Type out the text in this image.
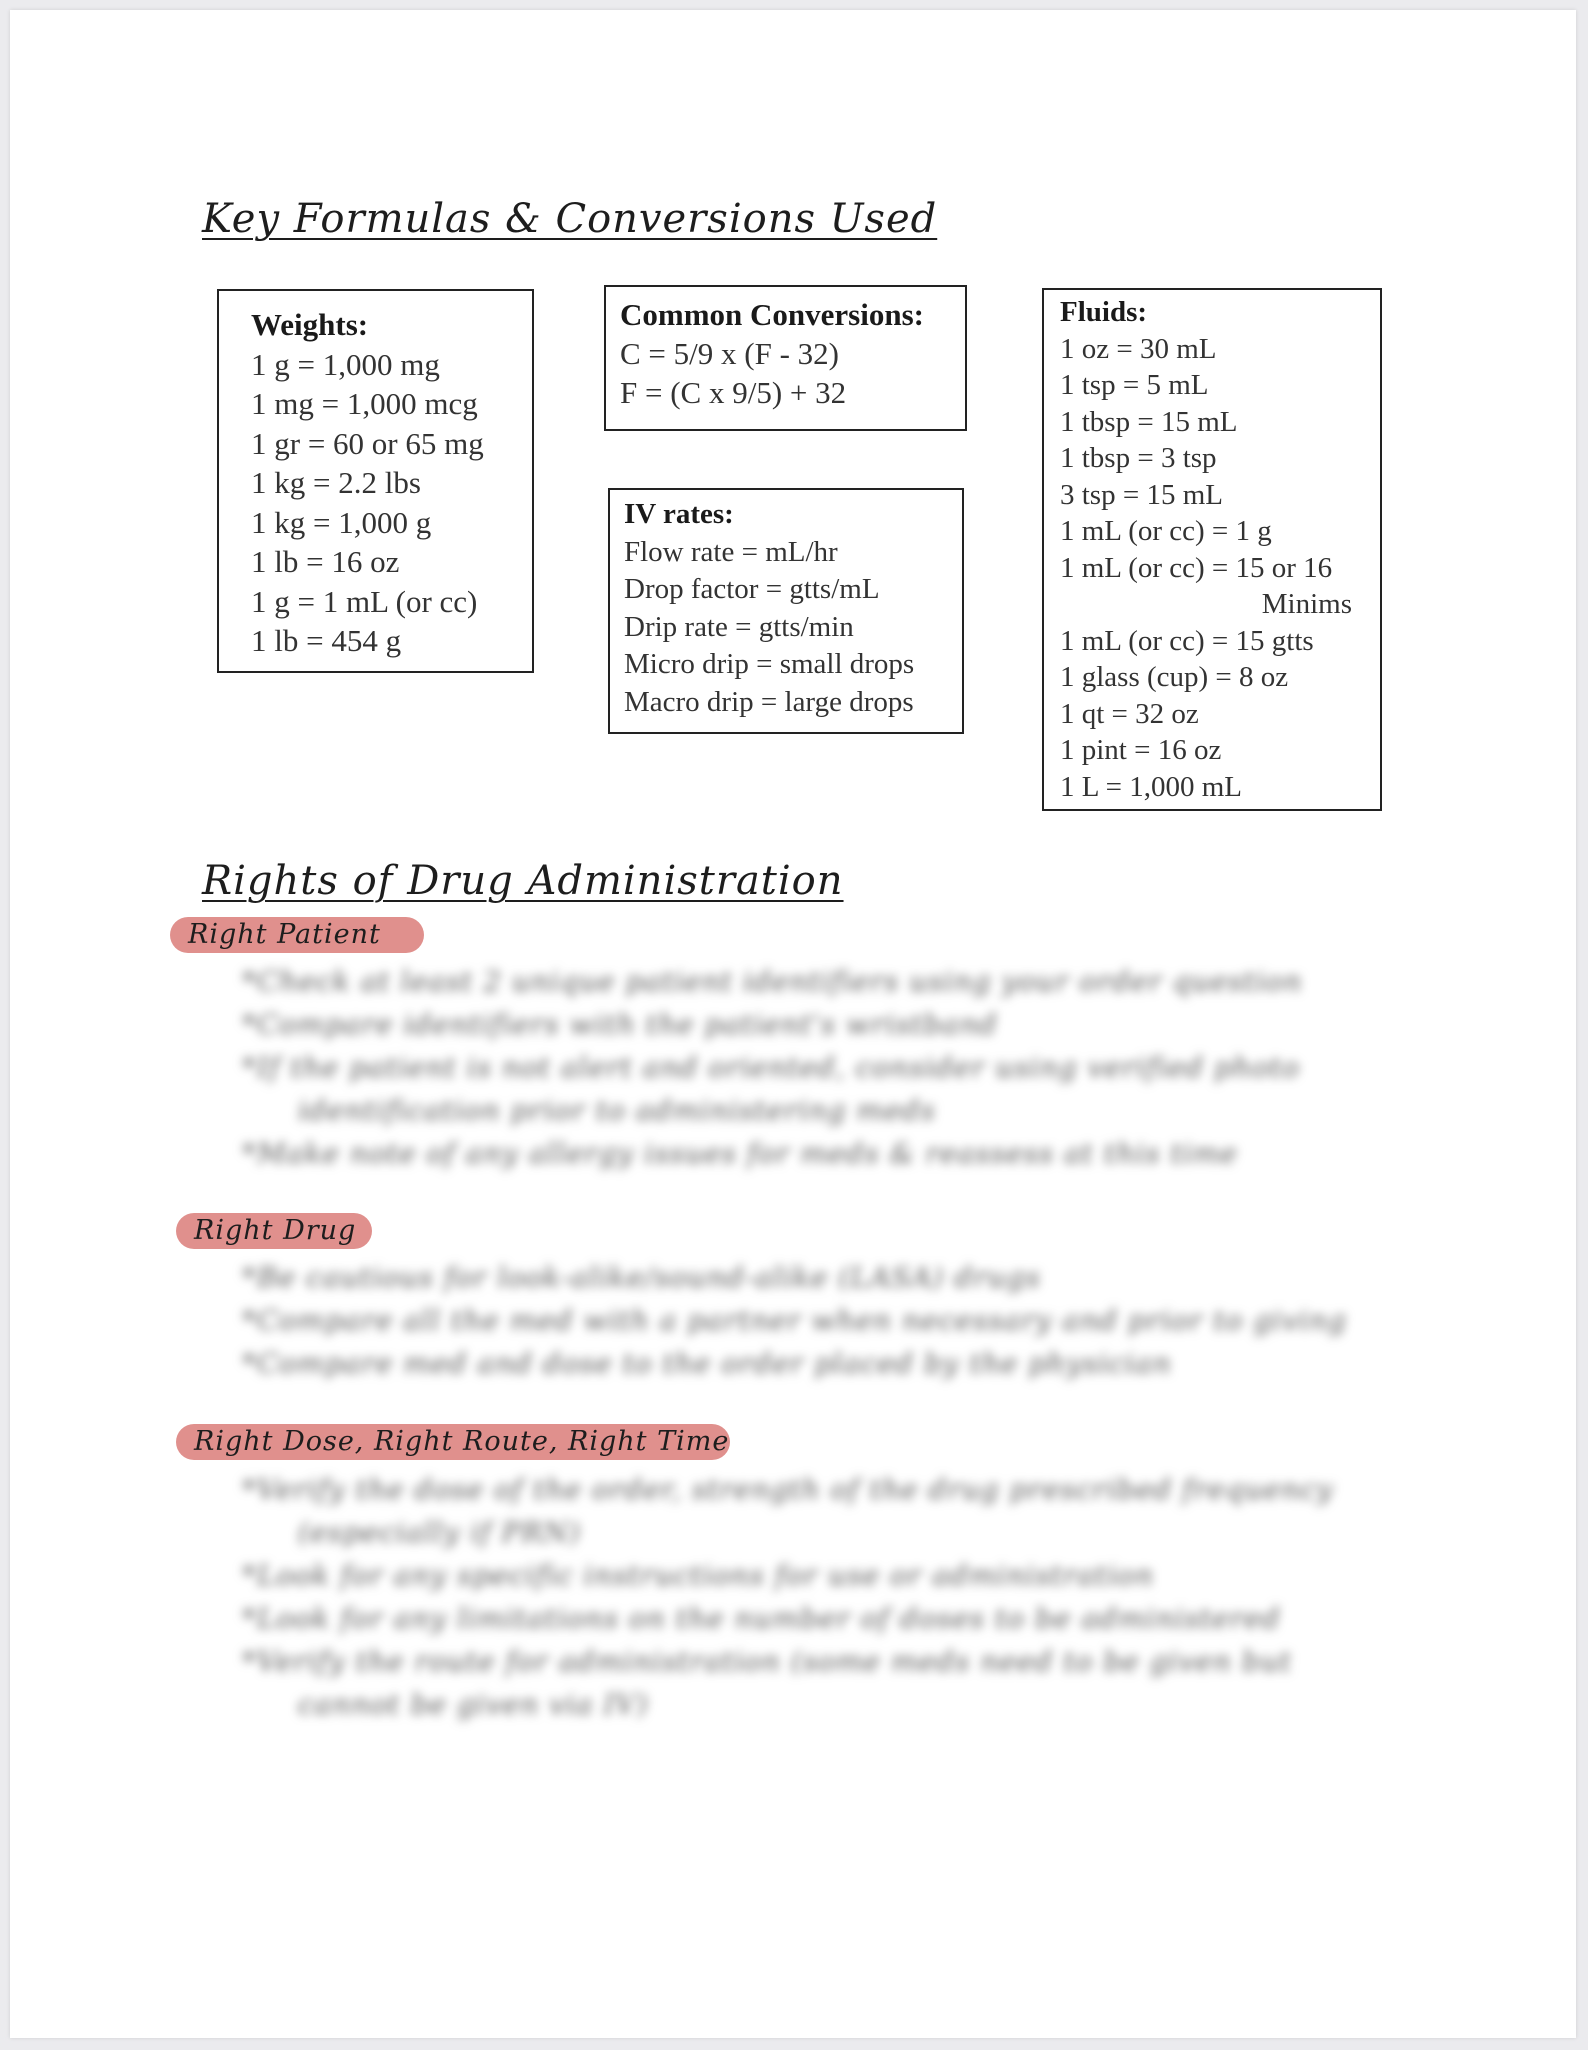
Key Formulas & Conversions Used
Weights:
1 g = 1,000 mg
1 mg = 1,000 mcg
1 gr = 60 or 65 mg
1 kg = 2.2 lbs
1 kg = 1,000 g
1 lb = 16 oz
1 g = 1 mL (or cc)
1 lb = 454 g
Common Conversions:
C = 5/9 x (F - 32)
F = (C x 9/5) + 32
IV rates:
Flow rate = mL/hr
Drop factor = gtts/mL
Drip rate = gtts/min
Micro drip = small drops
Macro drip = large drops
Fluids:
1 oz = 30 mL
1 tsp = 5 mL
1 tbsp = 15 mL
1 tbsp = 3 tsp
3 tsp = 15 mL
1 mL (or cc) = 1 g
1 mL (or cc) = 15 or 16
Minims
1 mL (or cc) = 15 gtts
1 glass (cup) = 8 oz
1 qt = 32 oz
1 pint = 16 oz
1 L = 1,000 mL
Rights of Drug Administration
Right Patient
*Check at least 2 unique patient identifiers using your order question
*Compare identifiers with the patient's wristband
*If the patient is not alert and oriented, consider using verified photo
identification prior to administering meds
*Make note of any allergy issues for meds & reassess at this time
Right Drug
*Be cautious for look-alike/sound-alike (LASA) drugs
*Compare all the med with a partner when necessary and prior to giving
*Compare med and dose to the order placed by the physician
Right Dose, Right Route, Right Time
*Verify the dose of the order, strength of the drug prescribed frequency
(especially if PRN)
*Look for any specific instructions for use or administration
*Look for any limitations on the number of doses to be administered
*Verify the route for administration (some meds need to be given but
cannot be given via IV)
